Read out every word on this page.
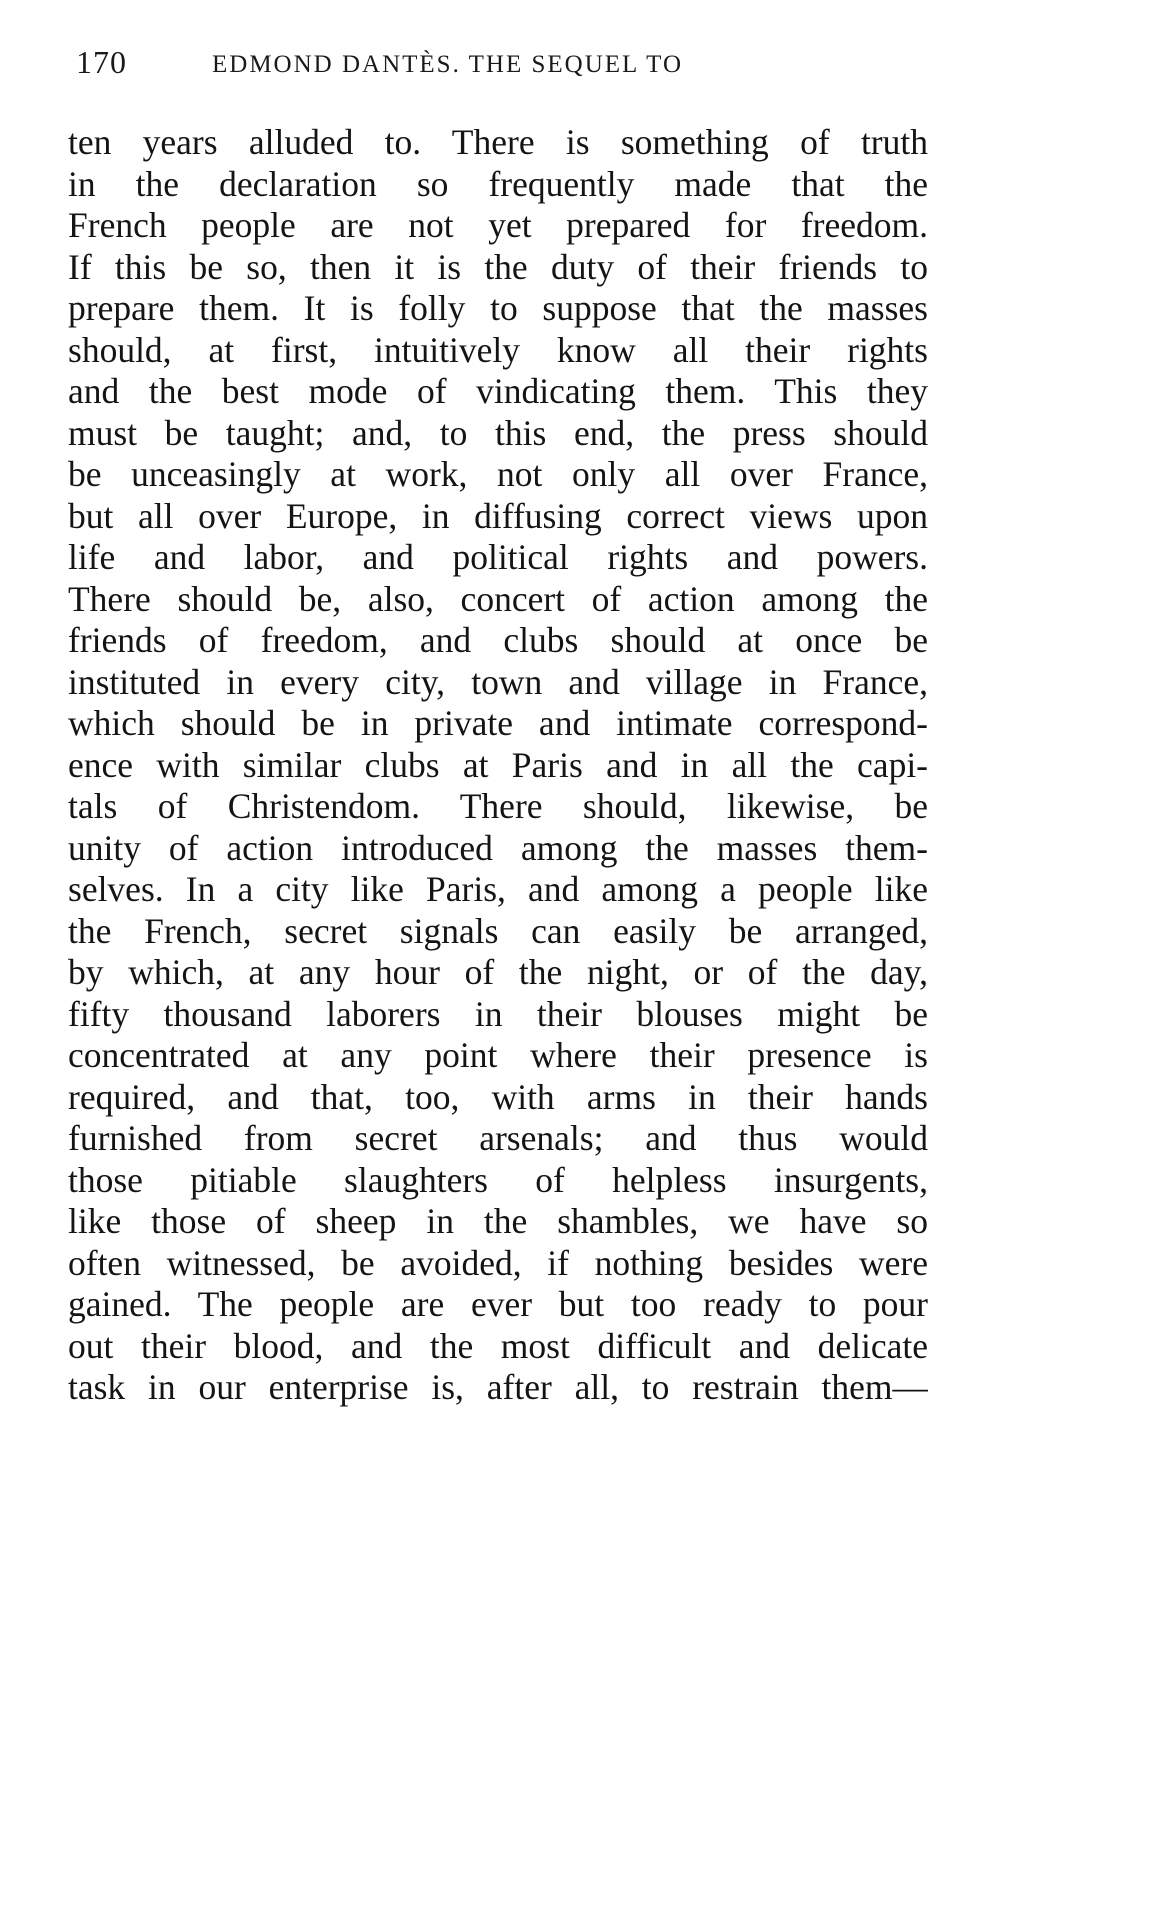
170	EDMOND DANTÈS. THE SEQUEL TO
ten years alluded to. There is something of truth
in the declaration so frequently made that the
French people are not yet prepared for freedom.
If this be so, then it is the duty of their friends to
prepare them. It is folly to suppose that the masses
should, at first, intuitively know all their rights
and the best mode of vindicating them. This they
must be taught; and, to this end, the press should
be unceasingly at work, not only all over France,
but all over Europe, in diffusing correct views upon
life and labor, and political rights and powers.
There should be, also, concert of action among the
friends of freedom, and clubs should at once be
instituted in every city, town and village in France,
which should be in private and intimate correspond-
ence with similar clubs at Paris and in all the capi-
tals of Christendom. There should, likewise, be
unity of action introduced among the masses them-
selves. In a city like Paris, and among a people like
the French, secret signals can easily be arranged,
by which, at any hour of the night, or of the day,
fifty thousand laborers in their blouses might be
concentrated at any point where their presence is
required, and that, too, with arms in their hands
furnished from secret arsenals; and thus would
those pitiable slaughters of helpless insurgents,
like those of sheep in the shambles, we have so
often witnessed, be avoided, if nothing besides were
gained. The people are ever but too ready to pour
out their blood, and the most difficult and delicate
task in our enterprise is, after all, to restrain them—
